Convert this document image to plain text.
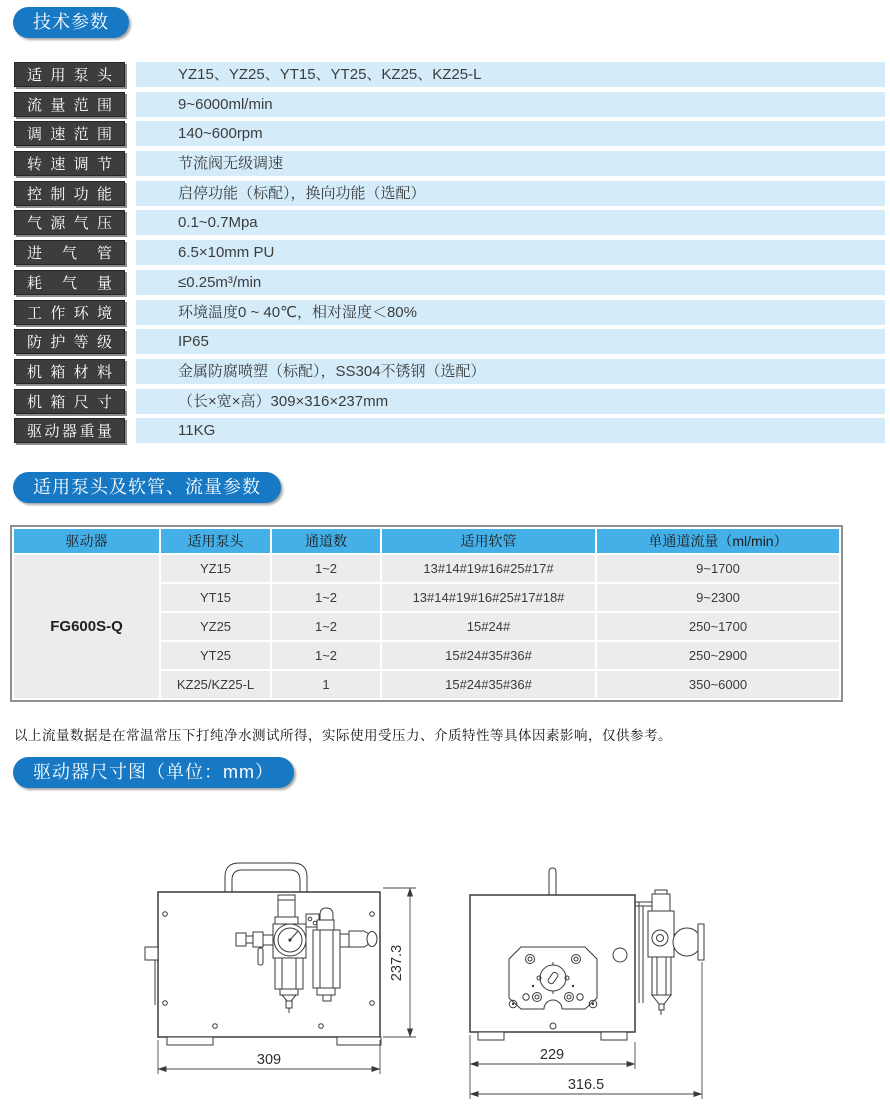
技术参数
适用泵头	YZ15、YZ25、YT15、YT25、KZ25、KZ25-L
流量范围	9~6000ml/min
调速范围	140~600rpm
转速调节	节流阀无级调速
控制功能	启停功能（标配），换向功能（选配）
气源气压	0.1~0.7Mpa
进气管	6.5×10mm PU
耗气量	≤0.25m³/min
工作环境	环境温度0 ~ 40℃，相对湿度＜80%
防护等级	IP65
机箱材料	金属防腐喷塑（标配），SS304不锈钢（选配）
机箱尺寸	（长×宽×高）309×316×237mm
驱动器重量	11KG
适用泵头及软管、流量参数
驱动器	适用泵头	通道数	适用软管	单通道流量（ml/min）
FG600S-Q
YZ15	1~2	13#14#19#16#25#17#	9~1700
YT15	1~2	13#14#19#16#25#17#18#	9~2300
YZ25	1~2	15#24#	250~1700
YT25	1~2	15#24#35#36#	250~2900
KZ25/KZ25-L	1	15#24#35#36#	350~6000
以上流量数据是在常温常压下打纯净水测试所得，实际使用受压力、介质特性等具体因素影响，仅供参考。
驱动器尺寸图（单位：mm）
309
237.3
229
316.5
